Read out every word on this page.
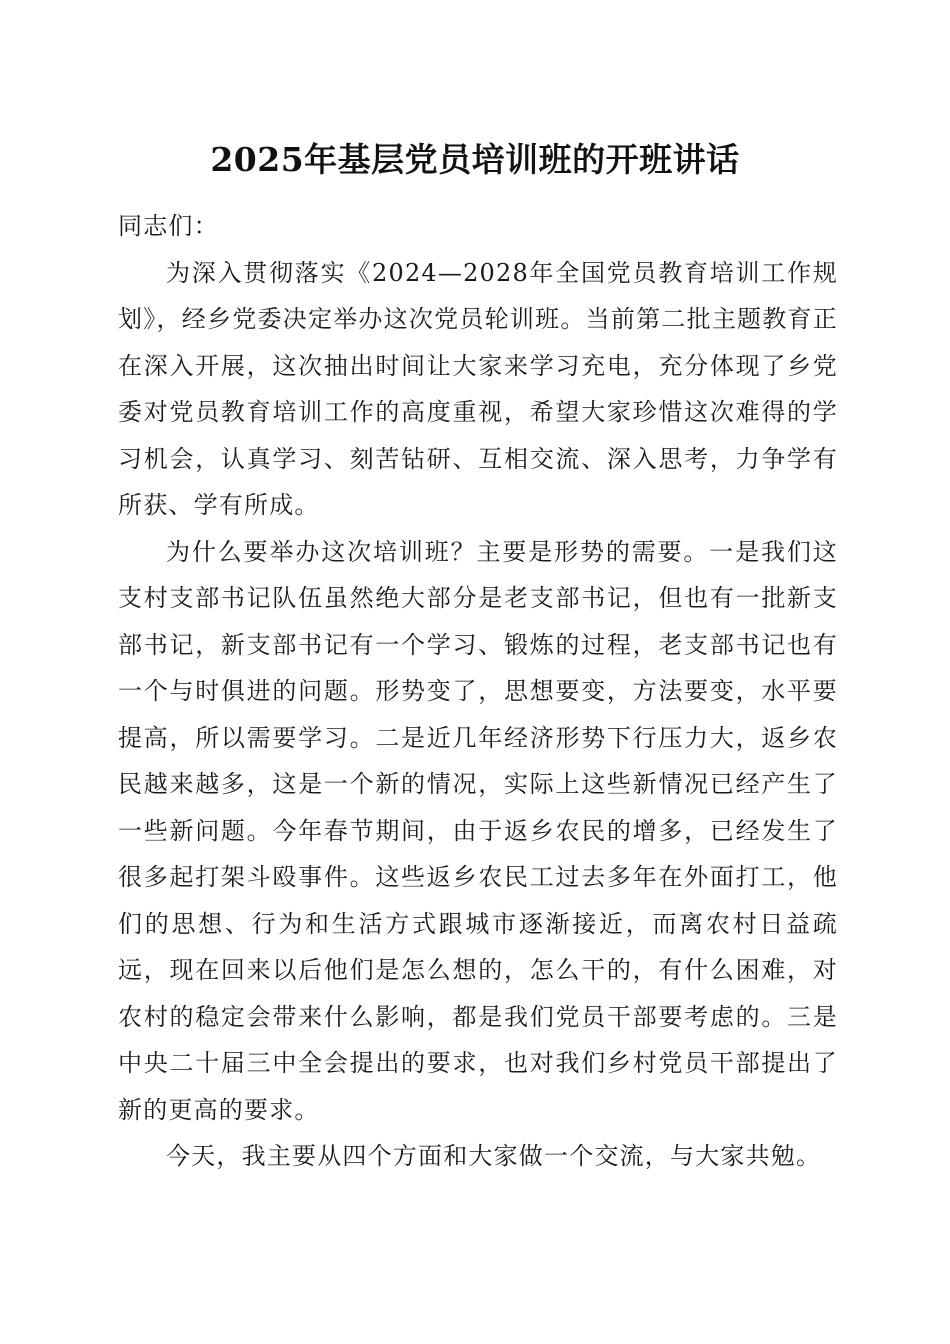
2025年基层党员培训班的开班讲话

同志们：

为深入贯彻落实《2024—2028年全国党员教育培训工作规划》，经乡党委决定举办这次党员轮训班。当前第二批主题教育正在深入开展，这次抽出时间让大家来学习充电，充分体现了乡党委对党员教育培训工作的高度重视，希望大家珍惜这次难得的学习机会，认真学习、刻苦钻研、互相交流、深入思考，力争学有所获、学有所成。

为什么要举办这次培训班？主要是形势的需要。一是我们这支村支部书记队伍虽然绝大部分是老支部书记，但也有一批新支部书记，新支部书记有一个学习、锻炼的过程，老支部书记也有一个与时俱进的问题。形势变了，思想要变，方法要变，水平要提高，所以需要学习。二是近几年经济形势下行压力大，返乡农民越来越多，这是一个新的情况，实际上这些新情况已经产生了一些新问题。今年春节期间，由于返乡农民的增多，已经发生了很多起打架斗殴事件。这些返乡农民工过去多年在外面打工，他们的思想、行为和生活方式跟城市逐渐接近，而离农村日益疏远，现在回来以后他们是怎么想的，怎么干的，有什么困难，对农村的稳定会带来什么影响，都是我们党员干部要考虑的。三是中央二十届三中全会提出的要求，也对我们乡村党员干部提出了新的更高的要求。

今天，我主要从四个方面和大家做一个交流，与大家共勉。
